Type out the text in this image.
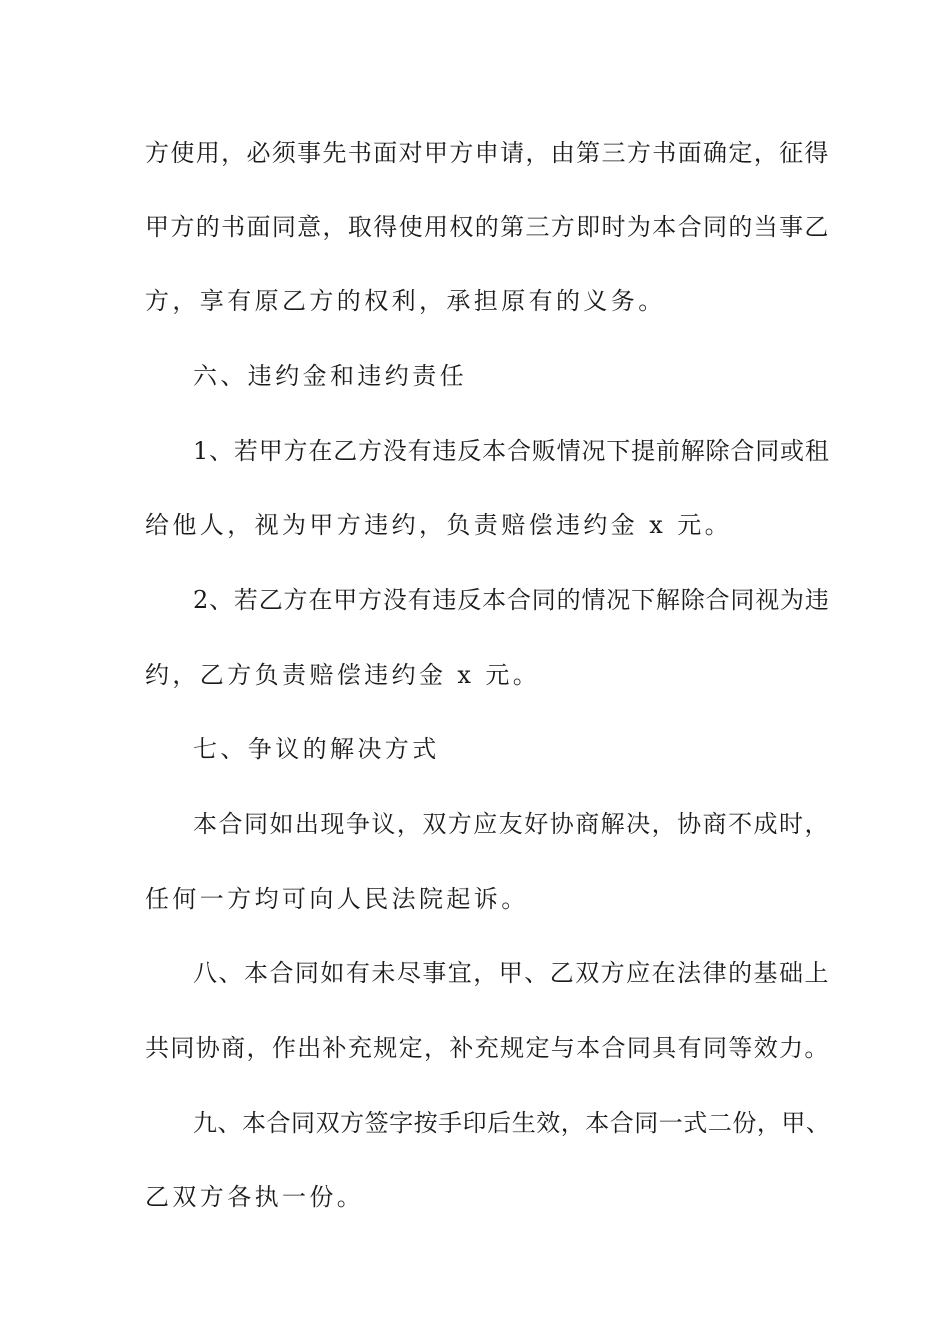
方使用，必须事先书面对甲方申请，由第三方书面确定，征得

甲方的书面同意，取得使用权的第三方即时为本合同的当事乙

方，享有原乙方的权利，承担原有的义务。

六、违约金和违约责任

1、若甲方在乙方没有违反本合贩情况下提前解除合同或租

给他人，视为甲方违约，负责赔偿违约金 x 元。

2、若乙方在甲方没有违反本合同的情况下解除合同视为违

约，乙方负责赔偿违约金 x 元。

七、争议的解决方式

本合同如出现争议，双方应友好协商解决，协商不成时，

任何一方均可向人民法院起诉。

八、本合同如有未尽事宜，甲、乙双方应在法律的基础上

共同协商，作出补充规定，补充规定与本合同具有同等效力。

九、本合同双方签字按手印后生效，本合同一式二份，甲、

乙双方各执一份。
